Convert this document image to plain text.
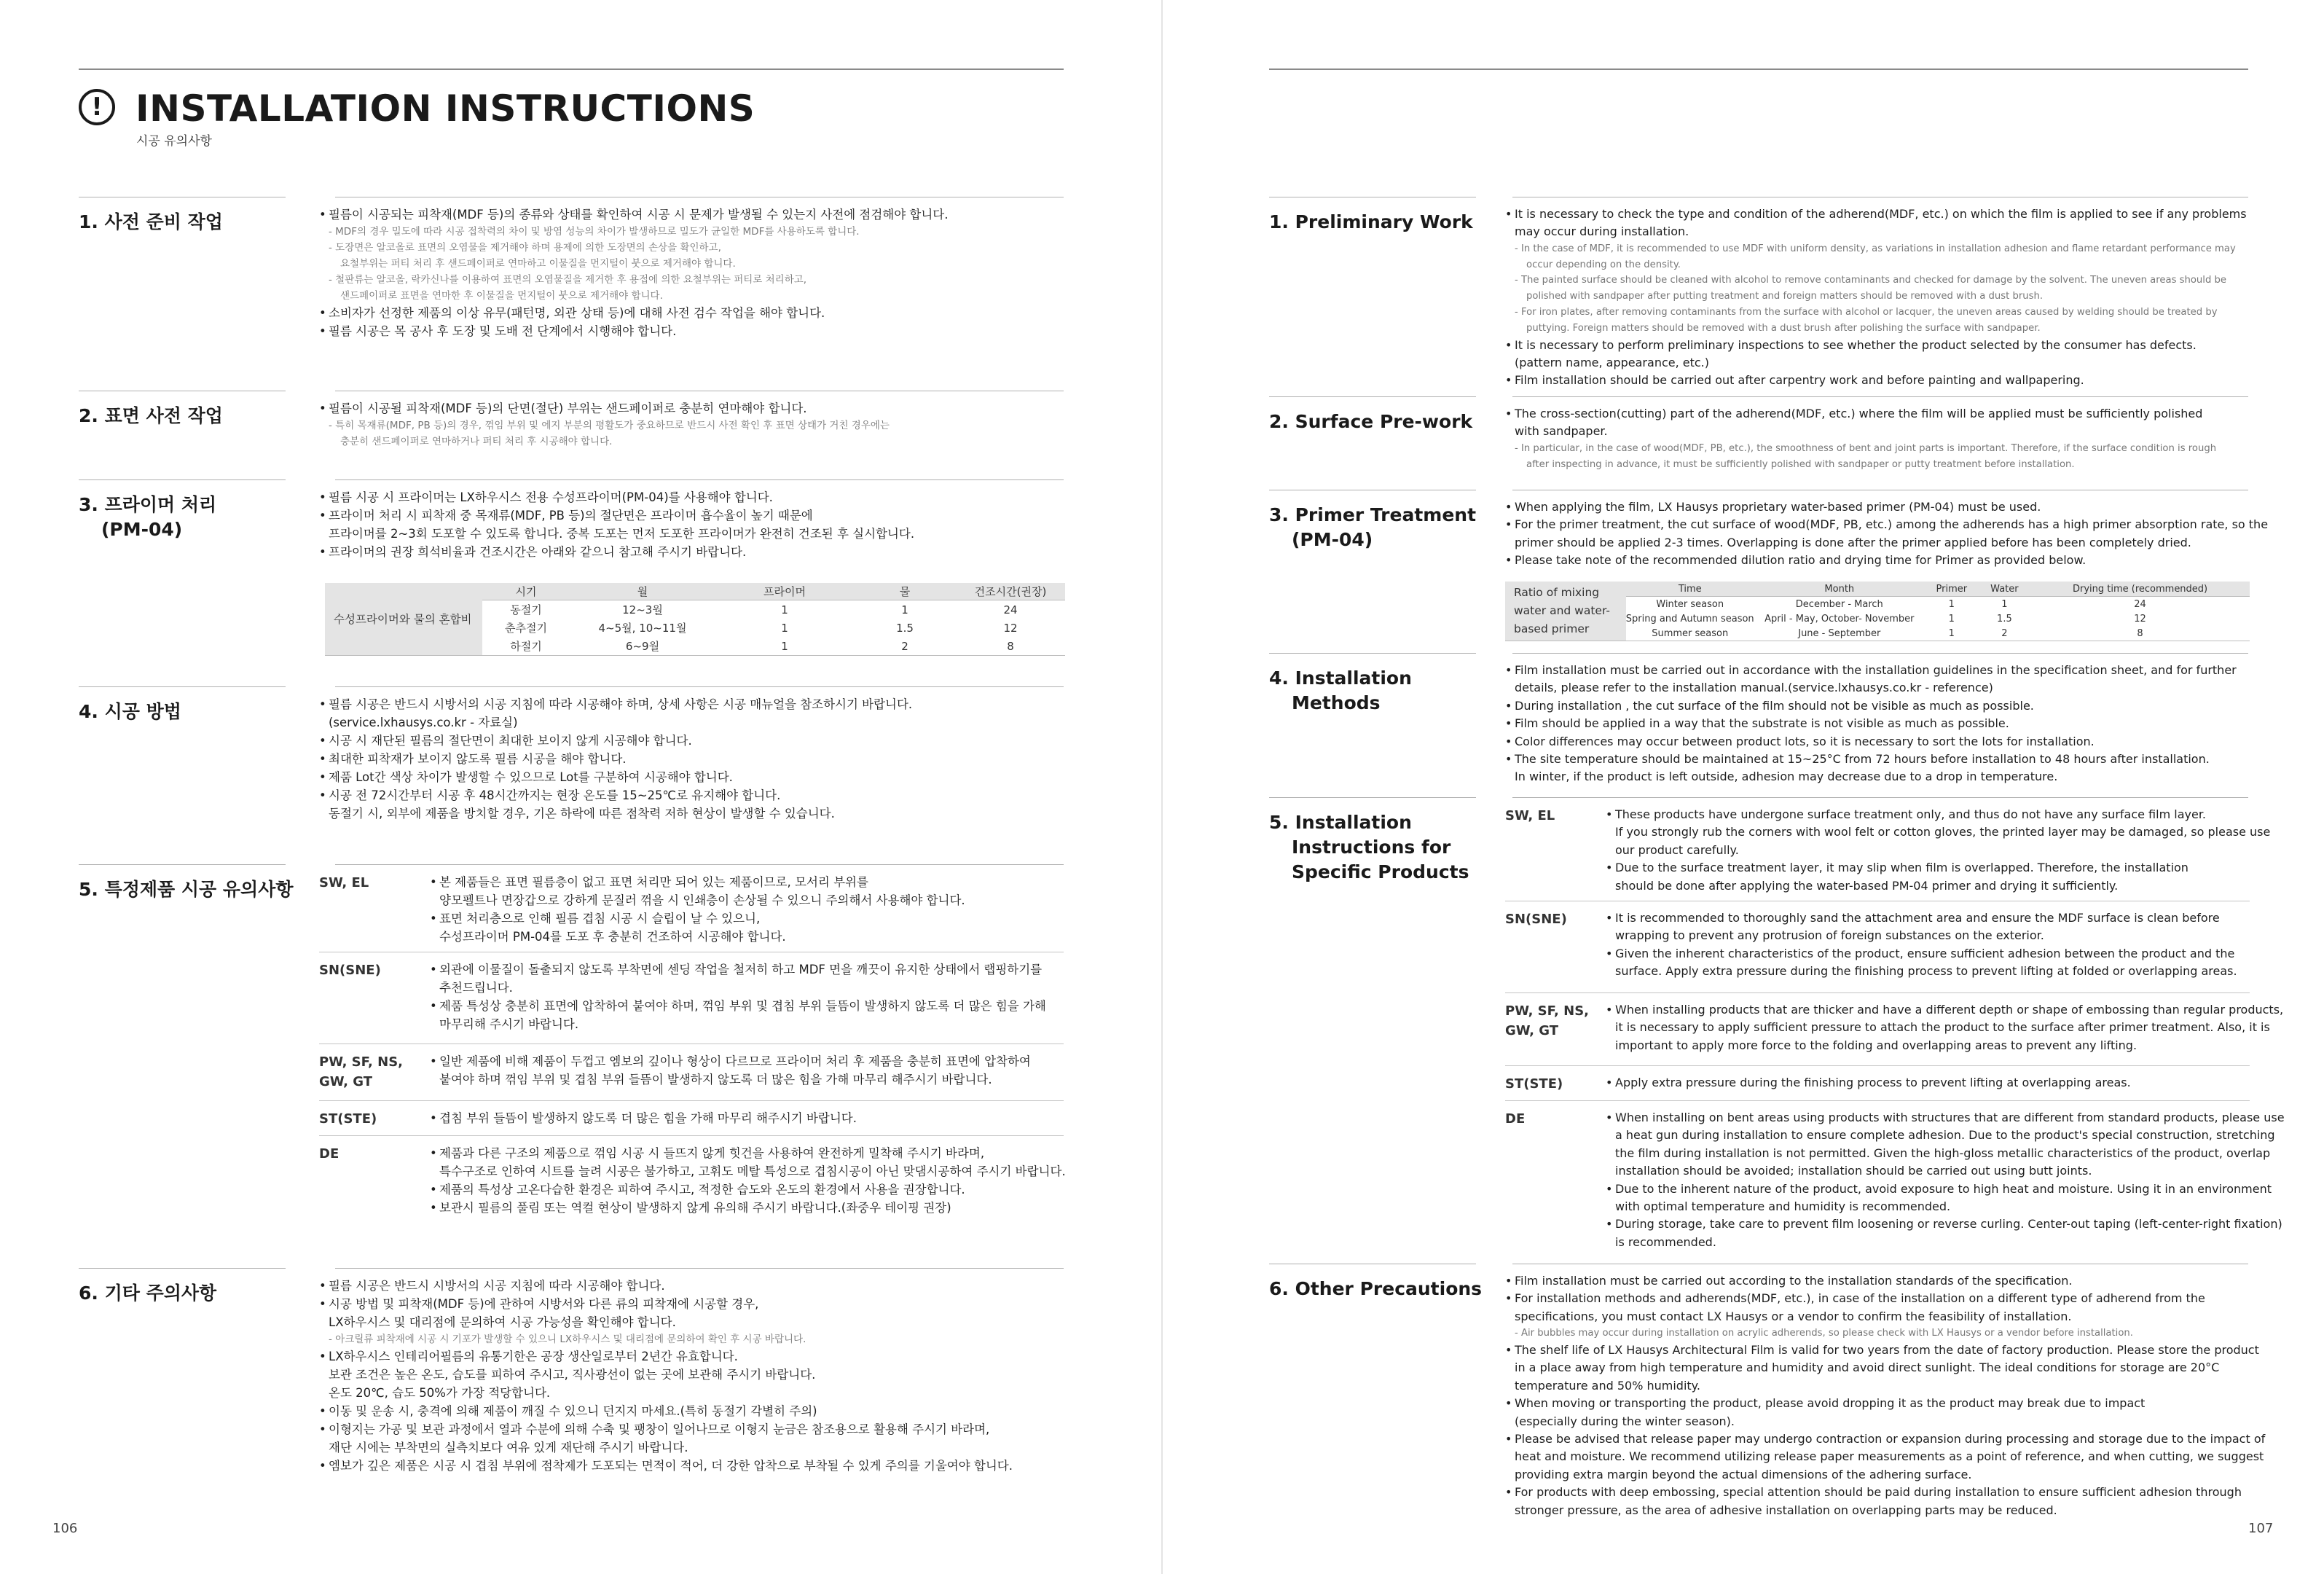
! INSTALLATION INSTRUCTIONS
시공 유의사항
1. 사전 준비 작업	• 필름이 시공되는 피착재(MDF 등)의 종류와 상태를 확인하여 시공 시 문제가 발생될 수 있는지 사전에 점검해야 합니다.
- MDF의 경우 밀도에 따라 시공 접착력의 차이 및 방염 성능의 차이가 발생하므로 밀도가 균일한 MDF를 사용하도록 합니다.
- 도장면은 알코올로 표면의 오염물을 제거해야 하며 용제에 의한 도장면의 손상을 확인하고,
요철부위는 퍼티 처리 후 샌드페이퍼로 연마하고 이물질을 먼지털이 붓으로 제거해야 합니다.
- 철판류는 알코올, 락카신나를 이용하여 표면의 오염물질을 제거한 후 용접에 의한 요철부위는 퍼티로 처리하고,
샌드페이퍼로 표면을 연마한 후 이물질을 먼지털이 붓으로 제거해야 합니다.
• 소비자가 선정한 제품의 이상 유무(패턴명, 외관 상태 등)에 대해 사전 검수 작업을 해야 합니다.
• 필름 시공은 목 공사 후 도장 및 도배 전 단계에서 시행해야 합니다.
2. 표면 사전 작업	• 필름이 시공될 피착재(MDF 등)의 단면(절단) 부위는 샌드페이퍼로 충분히 연마해야 합니다.
- 특히 목재류(MDF, PB 등)의 경우, 꺾임 부위 및 에지 부분의 평활도가 중요하므로 반드시 사전 확인 후 표면 상태가 거친 경우에는
충분히 샌드페이퍼로 연마하거나 퍼티 처리 후 시공해야 합니다.
3. 프라이머 처리
(PM-04)
• 필름 시공 시 프라이머는 LX하우시스 전용 수성프라이머(PM-04)를 사용해야 합니다.
• 프라이머 처리 시 피착재 중 목재류(MDF, PB 등)의 절단면은 프라이머 흡수율이 높기 때문에
프라이머를 2~3회 도포할 수 있도록 합니다. 중복 도포는 먼저 도포한 프라이머가 완전히 건조된 후 실시합니다.
• 프라이머의 권장 희석비율과 건조시간은 아래와 같으니 참고해 주시기 바랍니다.
수성프라이머와 물의 혼합비	시기	월	프라이머	물	건조시간(권장)
	동절기	12~3월	1	1	24
	춘추절기	4~5월, 10~11월	1	1.5	12
	하절기	6~9월	1	2	8
4. 시공 방법	• 필름 시공은 반드시 시방서의 시공 지침에 따라 시공해야 하며, 상세 사항은 시공 매뉴얼을 참조하시기 바랍니다.
(service.lxhausys.co.kr - 자료실)
• 시공 시 재단된 필름의 절단면이 최대한 보이지 않게 시공해야 합니다.
• 최대한 피착재가 보이지 않도록 필름 시공을 해야 합니다.
• 제품 Lot간 색상 차이가 발생할 수 있으므로 Lot를 구분하여 시공해야 합니다.
• 시공 전 72시간부터 시공 후 48시간까지는 현장 온도를 15~25℃로 유지해야 합니다.
동절기 시, 외부에 제품을 방치할 경우, 기온 하락에 따른 점착력 저하 현상이 발생할 수 있습니다.
5. 특정제품 시공 유의사항 SW, EL	• 본 제품들은 표면 필름층이 없고 표면 처리만 되어 있는 제품이므로, 모서리 부위를
양모펠트나 면장갑으로 강하게 문질러 꺾을 시 인쇄층이 손상될 수 있으니 주의해서 사용해야 합니다.
• 표면 처리층으로 인해 필름 겹침 시공 시 슬립이 날 수 있으니,
수성프라이머 PM-04를 도포 후 충분히 건조하여 시공해야 합니다.
SN(SNE)	• 외관에 이물질이 돌출되지 않도록 부착면에 센딩 작업을 철저히 하고 MDF 면을 깨끗이 유지한 상태에서 랩핑하기를
추천드립니다.
• 제품 특성상 충분히 표면에 압착하여 붙여야 하며, 꺾임 부위 및 겹침 부위 들뜸이 발생하지 않도록 더 많은 힘을 가해
마무리해 주시기 바랍니다.
PW, SF, NS,
GW, GT
• 일반 제품에 비해 제품이 두껍고 엠보의 깊이나 형상이 다르므로 프라이머 처리 후 제품을 충분히 표면에 압착하여
붙여야 하며 꺾임 부위 및 겹침 부위 들뜸이 발생하지 않도록 더 많은 힘을 가해 마무리 해주시기 바랍니다.
ST(STE)	• 겹침 부위 들뜸이 발생하지 않도록 더 많은 힘을 가해 마무리 해주시기 바랍니다.
DE	• 제품과 다른 구조의 제품으로 꺾임 시공 시 들뜨지 않게 힛건을 사용하여 완전하게 밀착해 주시기 바라며,
특수구조로 인하여 시트를 늘려 시공은 불가하고, 고휘도 메탈 특성으로 겹침시공이 아닌 맞댐시공하여 주시기 바랍니다.
• 제품의 특성상 고온다습한 환경은 피하여 주시고, 적정한 습도와 온도의 환경에서 사용을 권장합니다.
• 보관시 필름의 풀림 또는 역컬 현상이 발생하지 않게 유의해 주시기 바랍니다.(좌중우 테이핑 권장)
6. 기타 주의사항	• 필름 시공은 반드시 시방서의 시공 지침에 따라 시공해야 합니다.
• 시공 방법 및 피착재(MDF 등)에 관하여 시방서와 다른 류의 피착재에 시공할 경우,
LX하우시스 및 대리점에 문의하여 시공 가능성을 확인해야 합니다.
- 아크릴류 피착재에 시공 시 기포가 발생할 수 있으니 LX하우시스 및 대리점에 문의하여 확인 후 시공 바랍니다.
• LX하우시스 인테리어필름의 유통기한은 공장 생산일로부터 2년간 유효합니다.
보관 조건은 높은 온도, 습도를 피하여 주시고, 직사광선이 없는 곳에 보관해 주시기 바랍니다.
온도 20℃, 습도 50%가 가장 적당합니다.
• 이동 및 운송 시, 충격에 의해 제품이 깨질 수 있으니 던지지 마세요.(특히 동절기 각별히 주의)
• 이형지는 가공 및 보관 과정에서 열과 수분에 의해 수축 및 팽창이 일어나므로 이형지 눈금은 참조용으로 활용해 주시기 바라며,
재단 시에는 부착면의 실측치보다 여유 있게 재단해 주시기 바랍니다.
• 엠보가 깊은 제품은 시공 시 겹침 부위에 점착제가 도포되는 면적이 적어, 더 강한 압착으로 부착될 수 있게 주의를 기울여야 합니다.
106
1. Preliminary Work	• It is necessary to check the type and condition of the adherend(MDF, etc.) on which the film is applied to see if any problems
may occur during installation.
- In the case of MDF, it is recommended to use MDF with uniform density, as variations in installation adhesion and flame retardant performance may
occur depending on the density.
- The painted surface should be cleaned with alcohol to remove contaminants and checked for damage by the solvent. The uneven areas should be
polished with sandpaper after putting treatment and foreign matters should be removed with a dust brush.
- For iron plates, after removing contaminants from the surface with alcohol or lacquer, the uneven areas caused by welding should be treated by
puttying. Foreign matters should be removed with a dust brush after polishing the surface with sandpaper.
• It is necessary to perform preliminary inspections to see whether the product selected by the consumer has defects.
(pattern name, appearance, etc.)
• Film installation should be carried out after carpentry work and before painting and wallpapering.
2. Surface Pre-work	• The cross-section(cutting) part of the adherend(MDF, etc.) where the film will be applied must be sufficiently polished
with sandpaper.
- In particular, in the case of wood(MDF, PB, etc.), the smoothness of bent and joint parts is important. Therefore, if the surface condition is rough
after inspecting in advance, it must be sufficiently polished with sandpaper or putty treatment before installation.
3. Primer Treatment
(PM-04)
• When applying the film, LX Hausys proprietary water-based primer (PM-04) must be used.
• For the primer treatment, the cut surface of wood(MDF, PB, etc.) among the adherends has a high primer absorption rate, so the
primer should be applied 2-3 times. Overlapping is done after the primer applied before has been completely dried.
• Please take note of the recommended dilution ratio and drying time for Primer as provided below.
Ratio of mixing water and water-based primer	Time	Month	Primer	Water	Drying time (recommended)
	Winter season	December - March	1	1	24
	Spring and Autumn season	April - May, October- November	1	1.5	12
	Summer season	June - September	1	2	8
4. Installation
Methods
• Film installation must be carried out in accordance with the installation guidelines in the specification sheet, and for further
details, please refer to the installation manual.(service.lxhausys.co.kr - reference)
• During installation , the cut surface of the film should not be visible as much as possible.
• Film should be applied in a way that the substrate is not visible as much as possible.
• Color differences may occur between product lots, so it is necessary to sort the lots for installation.
• The site temperature should be maintained at 15~25°C from 72 hours before installation to 48 hours after installation.
In winter, if the product is left outside, adhesion may decrease due to a drop in temperature.
5. Installation
Instructions for
Specific Products
SW, EL	• These products have undergone surface treatment only, and thus do not have any surface film layer.
If you strongly rub the corners with wool felt or cotton gloves, the printed layer may be damaged, so please use
our product carefully.
• Due to the surface treatment layer, it may slip when film is overlapped. Therefore, the installation
should be done after applying the water-based PM-04 primer and drying it sufficiently.
SN(SNE)	• It is recommended to thoroughly sand the attachment area and ensure the MDF surface is clean before
wrapping to prevent any protrusion of foreign substances on the exterior.
• Given the inherent characteristics of the product, ensure sufficient adhesion between the product and the
surface. Apply extra pressure during the finishing process to prevent lifting at folded or overlapping areas.
PW, SF, NS,
GW, GT
• When installing products that are thicker and have a different depth or shape of embossing than regular products,
it is necessary to apply sufficient pressure to attach the product to the surface after primer treatment. Also, it is
important to apply more force to the folding and overlapping areas to prevent any lifting.
ST(STE)	• Apply extra pressure during the finishing process to prevent lifting at overlapping areas.
DE	• When installing on bent areas using products with structures that are different from standard products, please use
a heat gun during installation to ensure complete adhesion. Due to the product's special construction, stretching
the film during installation is not permitted. Given the high-gloss metallic characteristics of the product, overlap
installation should be avoided; installation should be carried out using butt joints.
• Due to the inherent nature of the product, avoid exposure to high heat and moisture. Using it in an environment
with optimal temperature and humidity is recommended.
• During storage, take care to prevent film loosening or reverse curling. Center-out taping (left-center-right fixation)
is recommended.
6. Other Precautions • Film installation must be carried out according to the installation standards of the specification.
• For installation methods and adherends(MDF, etc.), in case of the installation on a different type of adherend from the
specifications, you must contact LX Hausys or a vendor to confirm the feasibility of installation.
- Air bubbles may occur during installation on acrylic adherends, so please check with LX Hausys or a vendor before installation.
• The shelf life of LX Hausys Architectural Film is valid for two years from the date of factory production. Please store the product
in a place away from high temperature and humidity and avoid direct sunlight. The ideal conditions for storage are 20°C
temperature and 50% humidity.
• When moving or transporting the product, please avoid dropping it as the product may break due to impact
(especially during the winter season).
• Please be advised that release paper may undergo contraction or expansion during processing and storage due to the impact of
heat and moisture. We recommend utilizing release paper measurements as a point of reference, and when cutting, we suggest
providing extra margin beyond the actual dimensions of the adhering surface.
• For products with deep embossing, special attention should be paid during installation to ensure sufficient adhesion through
stronger pressure, as the area of adhesive installation on overlapping parts may be reduced.
107
